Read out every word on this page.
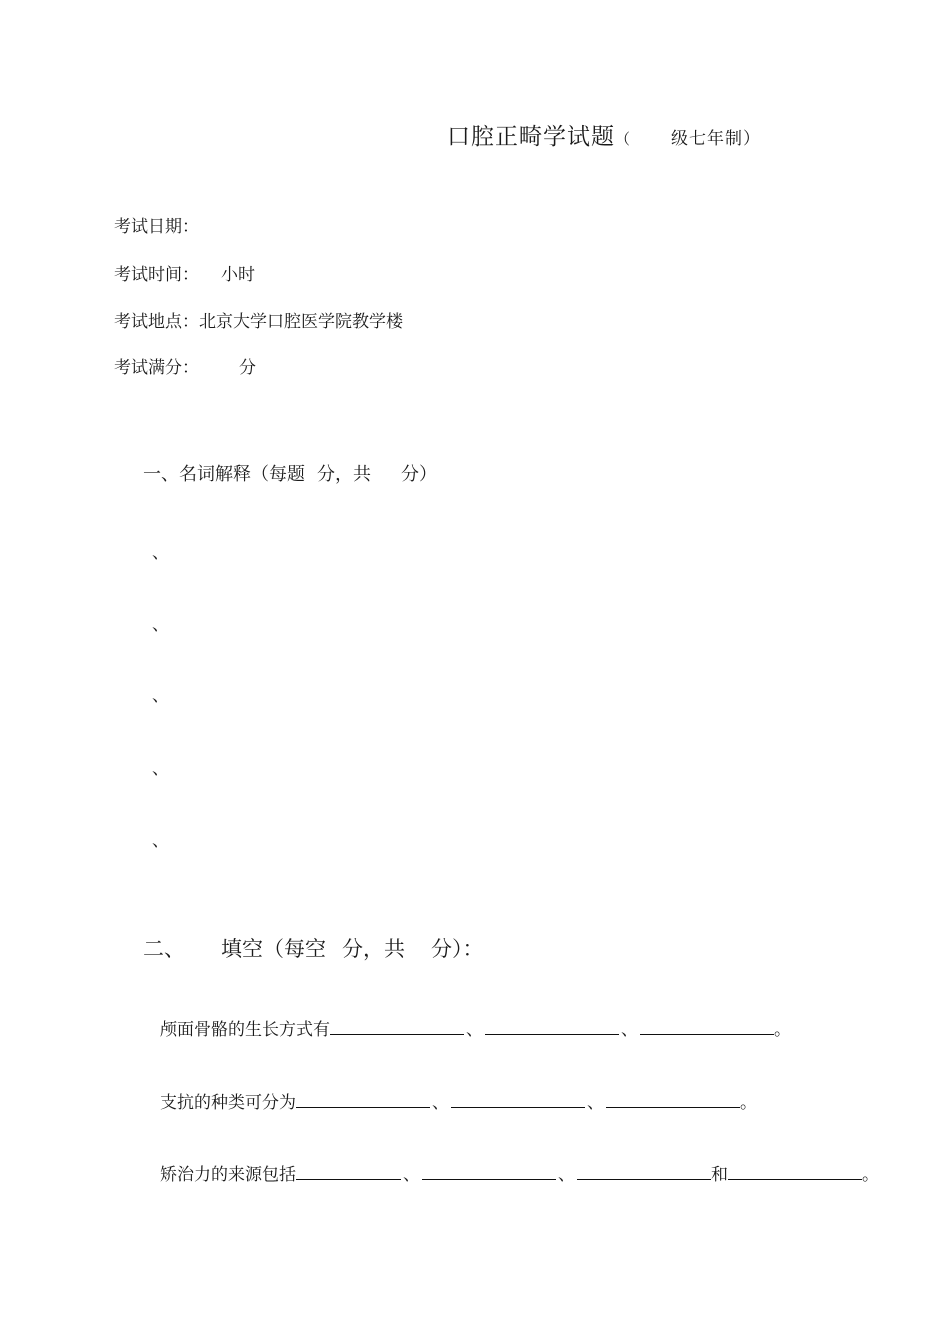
口腔正畸学试题（ 级七年制）
考试日期：
考试时间： 小时
考试地点：北京大学口腔医学院教学楼
考试满分： 分
一、名词解释（每题 分，共 分）
、
、
、
、
、
二、 填空（每空 分，共 分）：
颅面骨骼的生长方式有	、	、	。
支抗的种类可分为	、	、	。
矫治力的来源包括	、	、	和	。
